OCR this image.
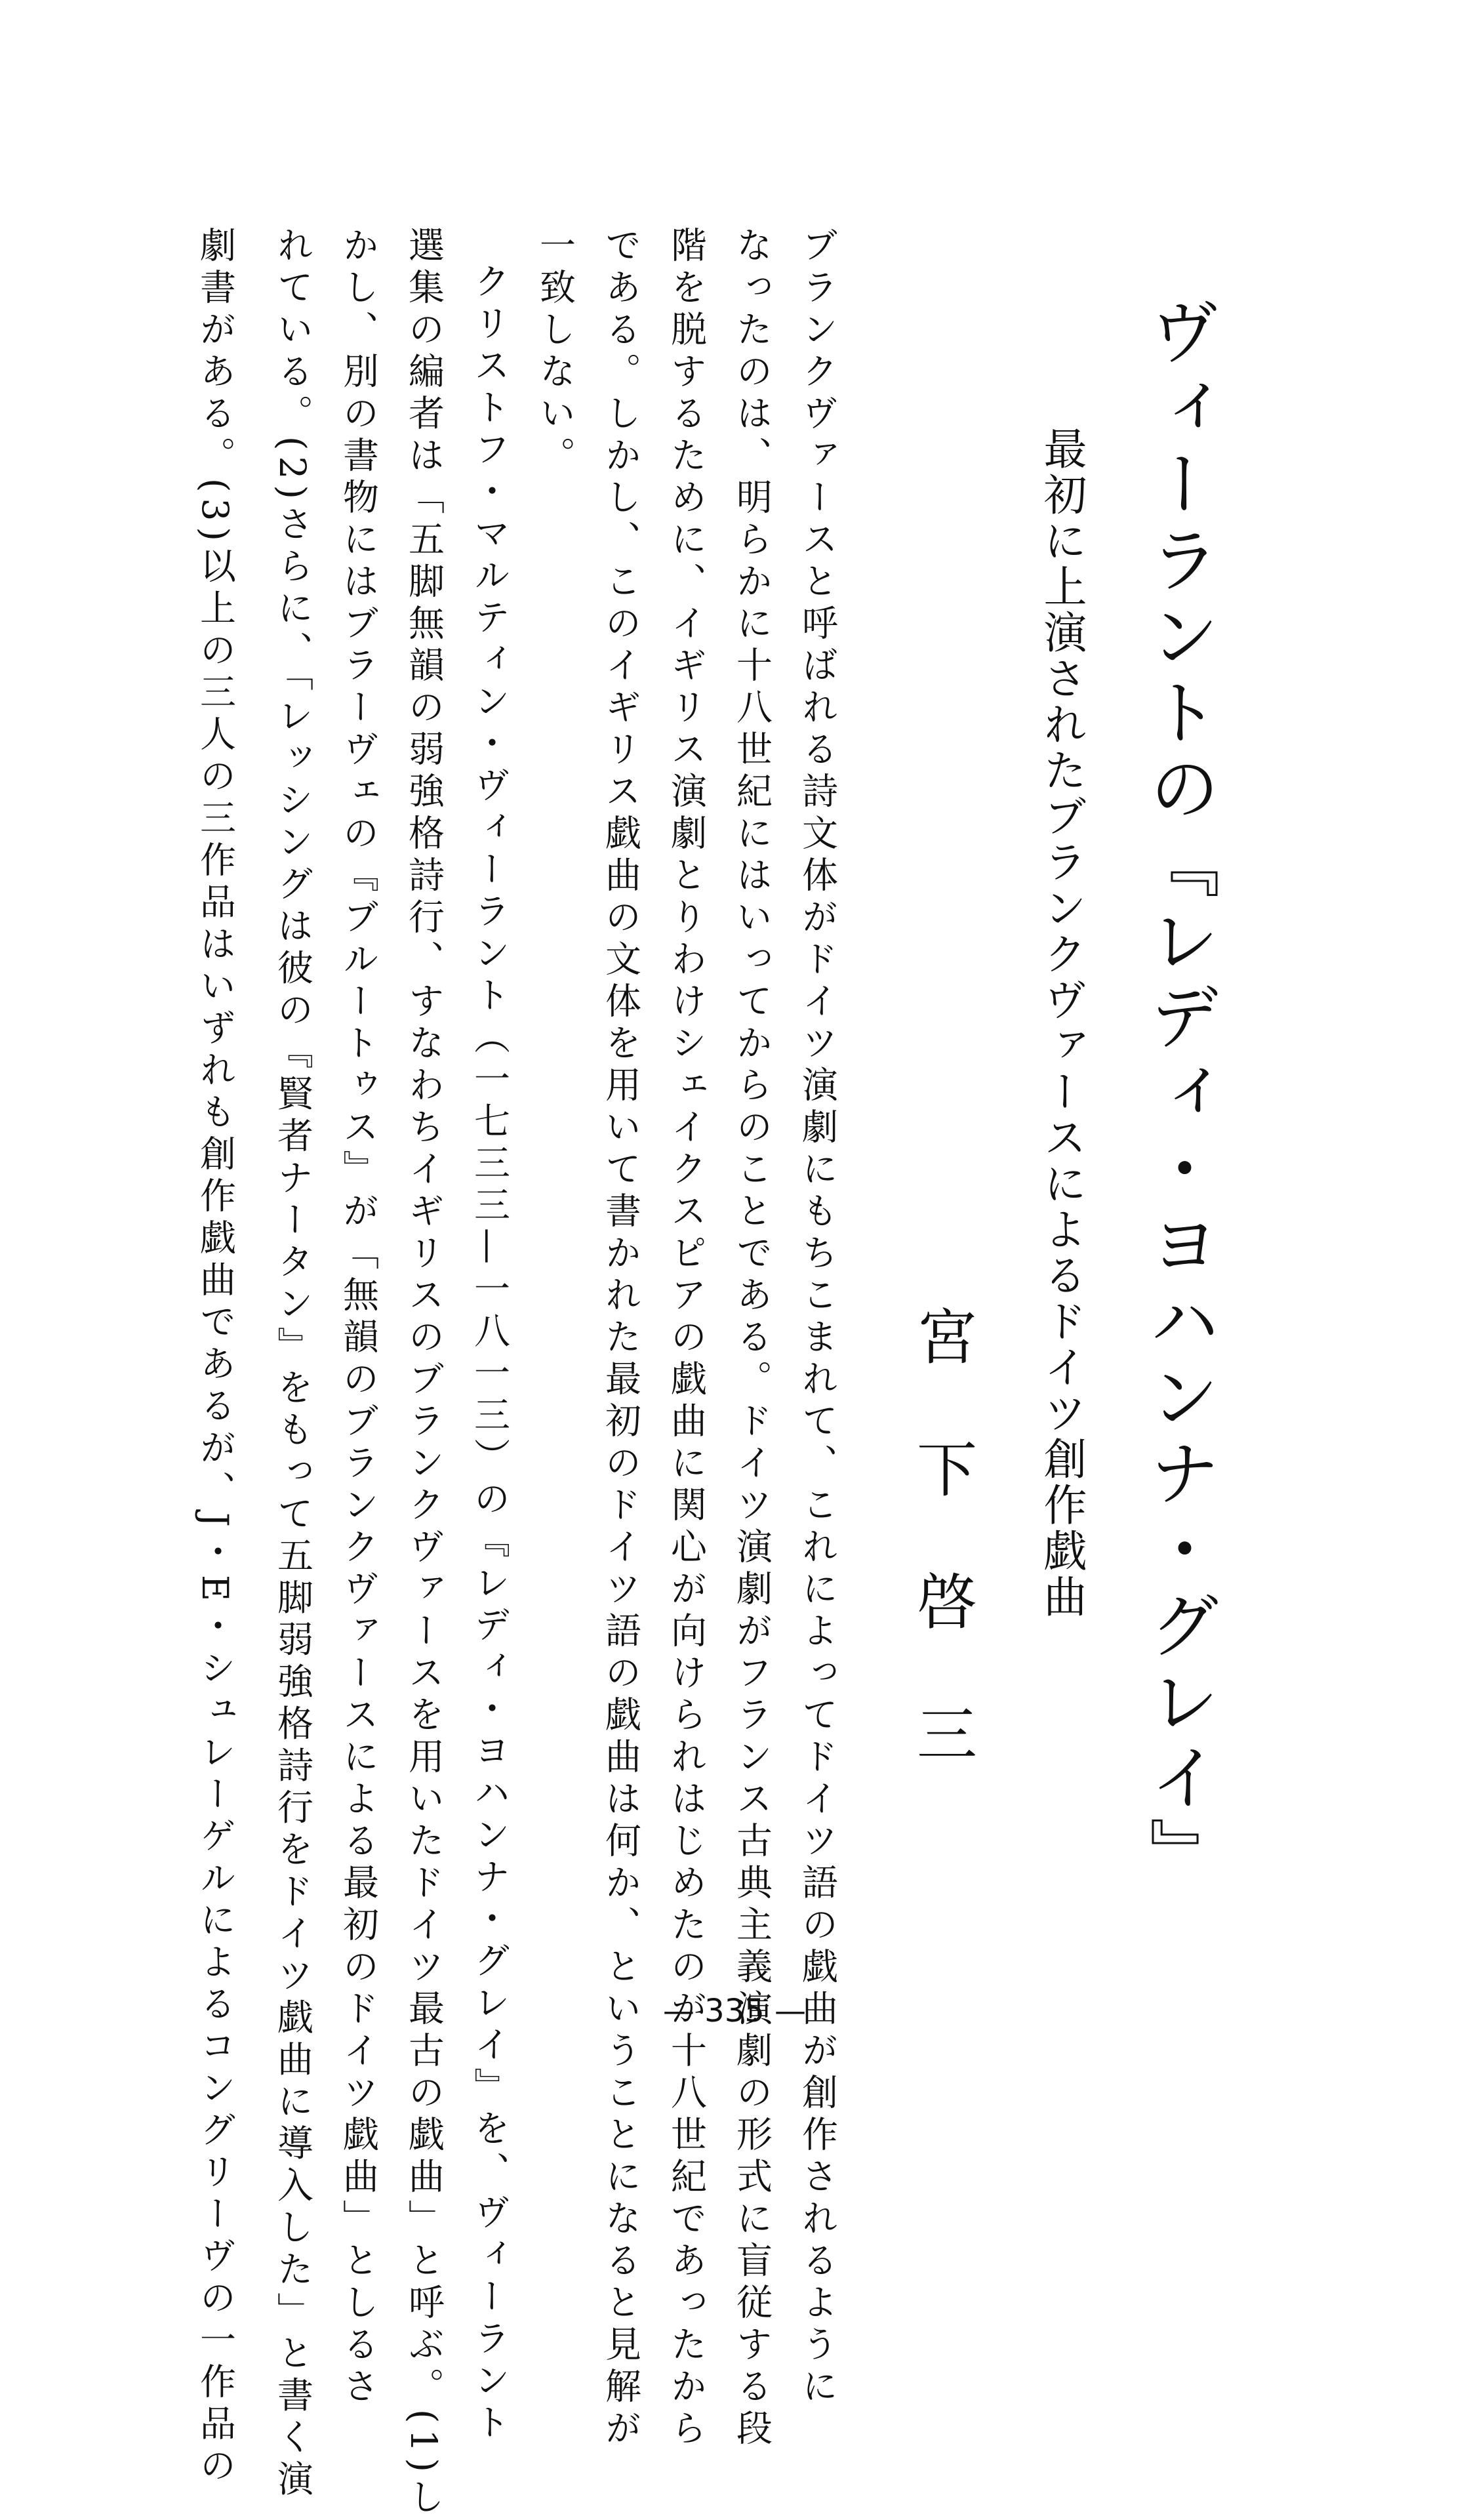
ヴィーラントの『レディ・ヨハンナ・グレイ』
最初に上演されたブランクヴァースによるドイツ創作戯曲
宮下啓三
ブランクヴァースと呼ばれる詩文体がドイツ演劇にもちこまれて、これによってドイツ語の戯曲が創作されるように
なったのは、明らかに十八世紀にはいってからのことである。ドイツ演劇がフランス古典主義演劇の形式に盲従する段
階を脱するために、イギリス演劇とりわけシェイクスピアの戯曲に関心が向けられはじめたのが十八世紀であったから
である。しかし、このイギリス戯曲の文体を用いて書かれた最初のドイツ語の戯曲は何か、ということになると見解が
一致しない。
クリストフ・マルティン・ヴィーラント（一七三三—一八一三）の『レディ・ヨハンナ・グレイ』を、ヴィーラント
選集の編者は「五脚無韻の弱強格詩行、すなわちイギリスのブランクヴァースを用いたドイツ最古の戯曲」と呼ぶ。(1)し
かし、別の書物にはブラーヴェの『ブルートゥス』が「無韻のブランクヴァースによる最初のドイツ戯曲」としるさ
れている。(2)さらに、「レッシングは彼の『賢者ナータン』をもって五脚弱強格詩行をドイツ戯曲に導入した」と書く演
劇書がある。(3)以上の三人の三作品はいずれも創作戯曲であるが、J・E・シュレーゲルによるコングリーヴの一作品の	— 335 —
